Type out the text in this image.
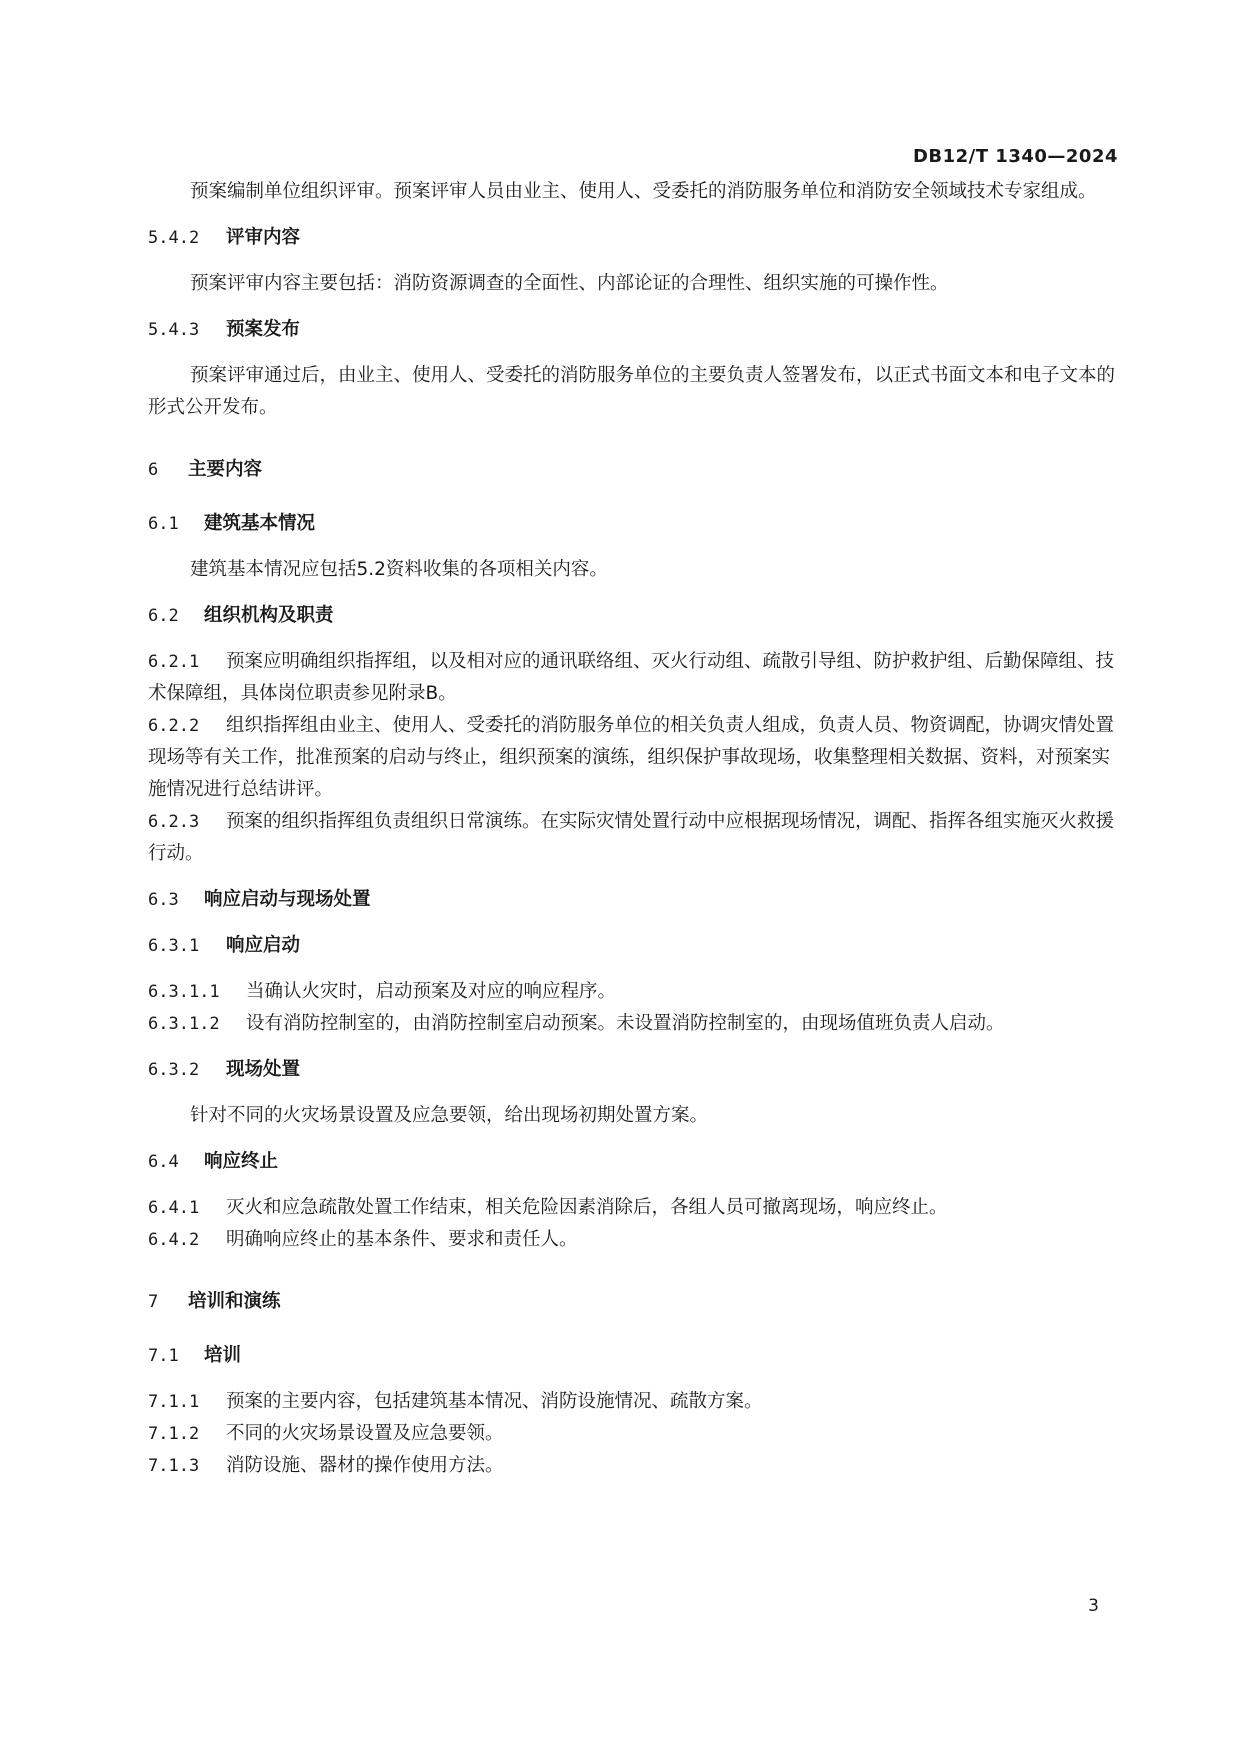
DB12/T 1340—2024

预案编制单位组织评审。预案评审人员由业主、使用人、受委托的消防服务单位和消防安全领域技术专家组成。

5.4.2 评审内容

预案评审内容主要包括：消防资源调查的全面性、内部论证的合理性、组织实施的可操作性。

5.4.3 预案发布

预案评审通过后，由业主、使用人、受委托的消防服务单位的主要负责人签署发布，以正式书面文本和电子文本的形式公开发布。

6 主要内容

6.1 建筑基本情况

建筑基本情况应包括5.2资料收集的各项相关内容。

6.2 组织机构及职责

6.2.1 预案应明确组织指挥组，以及相对应的通讯联络组、灭火行动组、疏散引导组、防护救护组、后勤保障组、技术保障组，具体岗位职责参见附录B。

6.2.2 组织指挥组由业主、使用人、受委托的消防服务单位的相关负责人组成，负责人员、物资调配，协调灾情处置现场等有关工作，批准预案的启动与终止，组织预案的演练，组织保护事故现场，收集整理相关数据、资料，对预案实施情况进行总结讲评。

6.2.3 预案的组织指挥组负责组织日常演练。在实际灾情处置行动中应根据现场情况，调配、指挥各组实施灭火救援行动。

6.3 响应启动与现场处置

6.3.1 响应启动

6.3.1.1 当确认火灾时，启动预案及对应的响应程序。

6.3.1.2 设有消防控制室的，由消防控制室启动预案。未设置消防控制室的，由现场值班负责人启动。

6.3.2 现场处置

针对不同的火灾场景设置及应急要领，给出现场初期处置方案。

6.4 响应终止

6.4.1 灭火和应急疏散处置工作结束，相关危险因素消除后，各组人员可撤离现场，响应终止。

6.4.2 明确响应终止的基本条件、要求和责任人。

7 培训和演练

7.1 培训

7.1.1 预案的主要内容，包括建筑基本情况、消防设施情况、疏散方案。

7.1.2 不同的火灾场景设置及应急要领。

7.1.3 消防设施、器材的操作使用方法。

3
